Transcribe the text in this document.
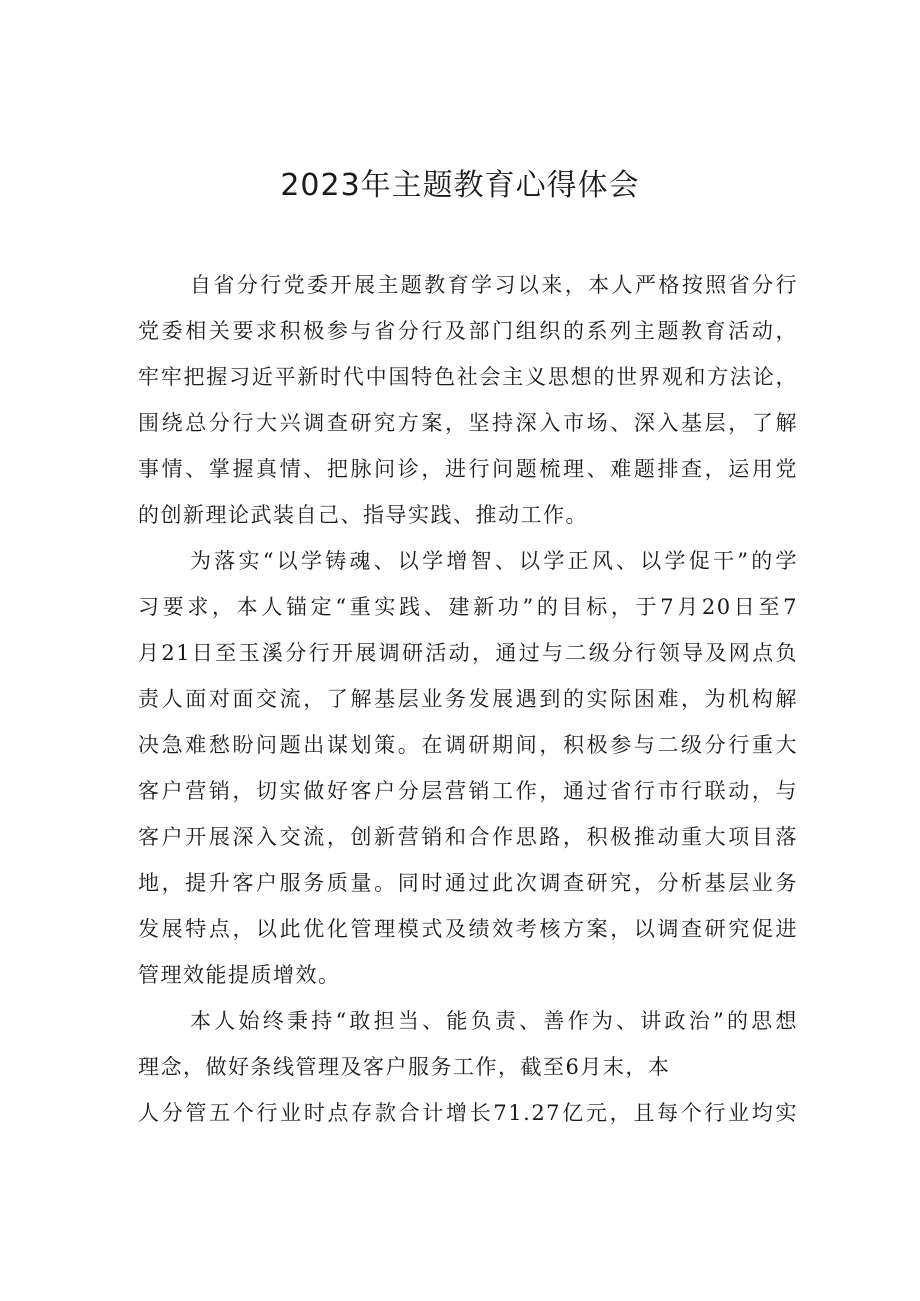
2023年主题教育心得体会
自省分行党委开展主题教育学习以来，本人严格按照省分行
党委相关要求积极参与省分行及部门组织的系列主题教育活动，
牢牢把握习近平新时代中国特色社会主义思想的世界观和方法论，
围绕总分行大兴调查研究方案，坚持深入市场、深入基层，了解
事情、掌握真情、把脉问诊，进行问题梳理、难题排查，运用党
的创新理论武装自己、指导实践、推动工作。
为落实“以学铸魂、以学增智、以学正风、以学促干”的学
习要求，本人锚定“重实践、建新功”的目标，于7月20日至7
月21日至玉溪分行开展调研活动，通过与二级分行领导及网点负
责人面对面交流，了解基层业务发展遇到的实际困难，为机构解
决急难愁盼问题出谋划策。在调研期间，积极参与二级分行重大
客户营销，切实做好客户分层营销工作，通过省行市行联动，与
客户开展深入交流，创新营销和合作思路，积极推动重大项目落
地，提升客户服务质量。同时通过此次调查研究，分析基层业务
发展特点，以此优化管理模式及绩效考核方案，以调查研究促进
管理效能提质增效。
本人始终秉持“敢担当、能负责、善作为、讲政治”的思想
理念，做好条线管理及客户服务工作，截至6月末，本
人分管五个行业时点存款合计增长71.27亿元，且每个行业均实
